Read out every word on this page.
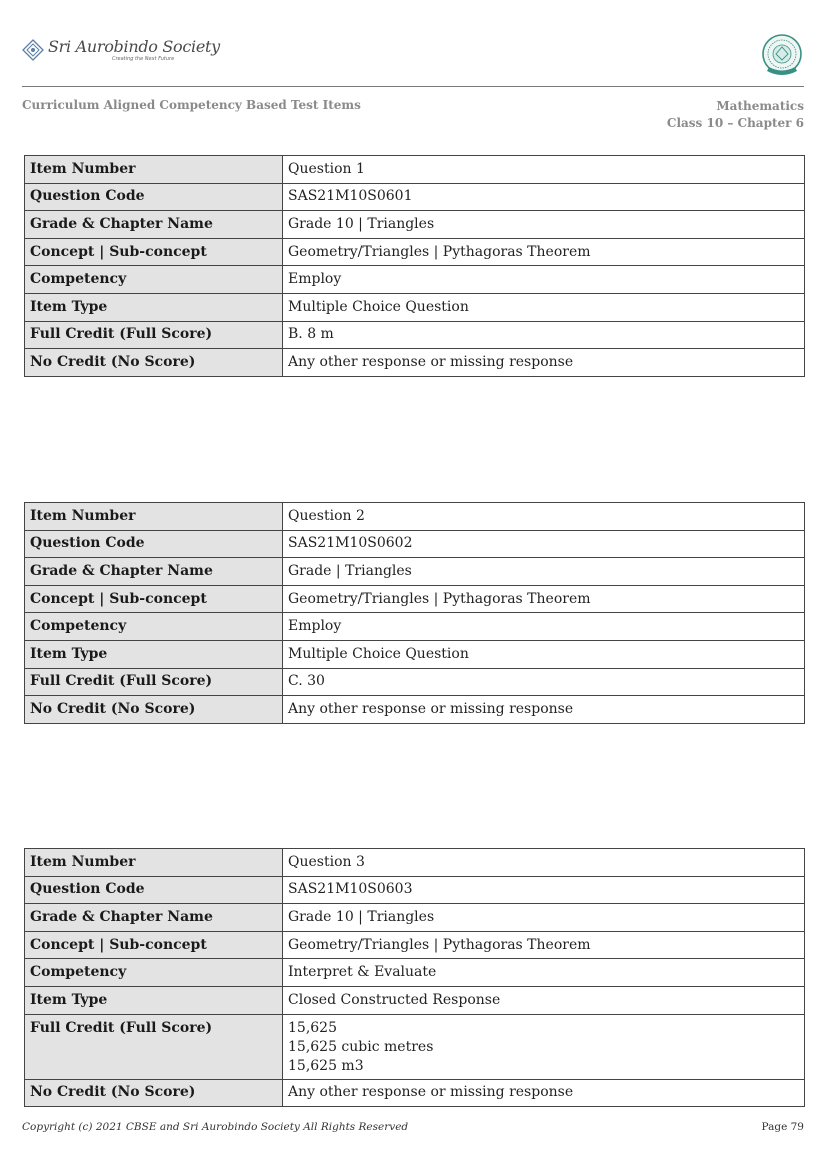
Sri Aurobindo Society
Creating the Next Future
Curriculum Aligned Competency Based Test Items	Mathematics
Class 10 – Chapter 6
Item Number	Question 1
Question Code	SAS21M10S0601
Grade & Chapter Name	Grade 10 | Triangles
Concept | Sub-concept	Geometry/Triangles | Pythagoras Theorem
Competency	Employ
Item Type	Multiple Choice Question
Full Credit (Full Score)	B. 8 m
No Credit (No Score)	Any other response or missing response
Item Number	Question 2
Question Code	SAS21M10S0602
Grade & Chapter Name	Grade | Triangles
Concept | Sub-concept	Geometry/Triangles | Pythagoras Theorem
Competency	Employ
Item Type	Multiple Choice Question
Full Credit (Full Score)	C. 30
No Credit (No Score)	Any other response or missing response
Item Number	Question 3
Question Code	SAS21M10S0603
Grade & Chapter Name	Grade 10 | Triangles
Concept | Sub-concept	Geometry/Triangles | Pythagoras Theorem
Competency	Interpret & Evaluate
Item Type	Closed Constructed Response
Full Credit (Full Score)	15,625
15,625 cubic metres
15,625 m3

No Credit (No Score)	Any other response or missing response
Copyright (c) 2021 CBSE and Sri Aurobindo Society All Rights Reserved	Page 79
